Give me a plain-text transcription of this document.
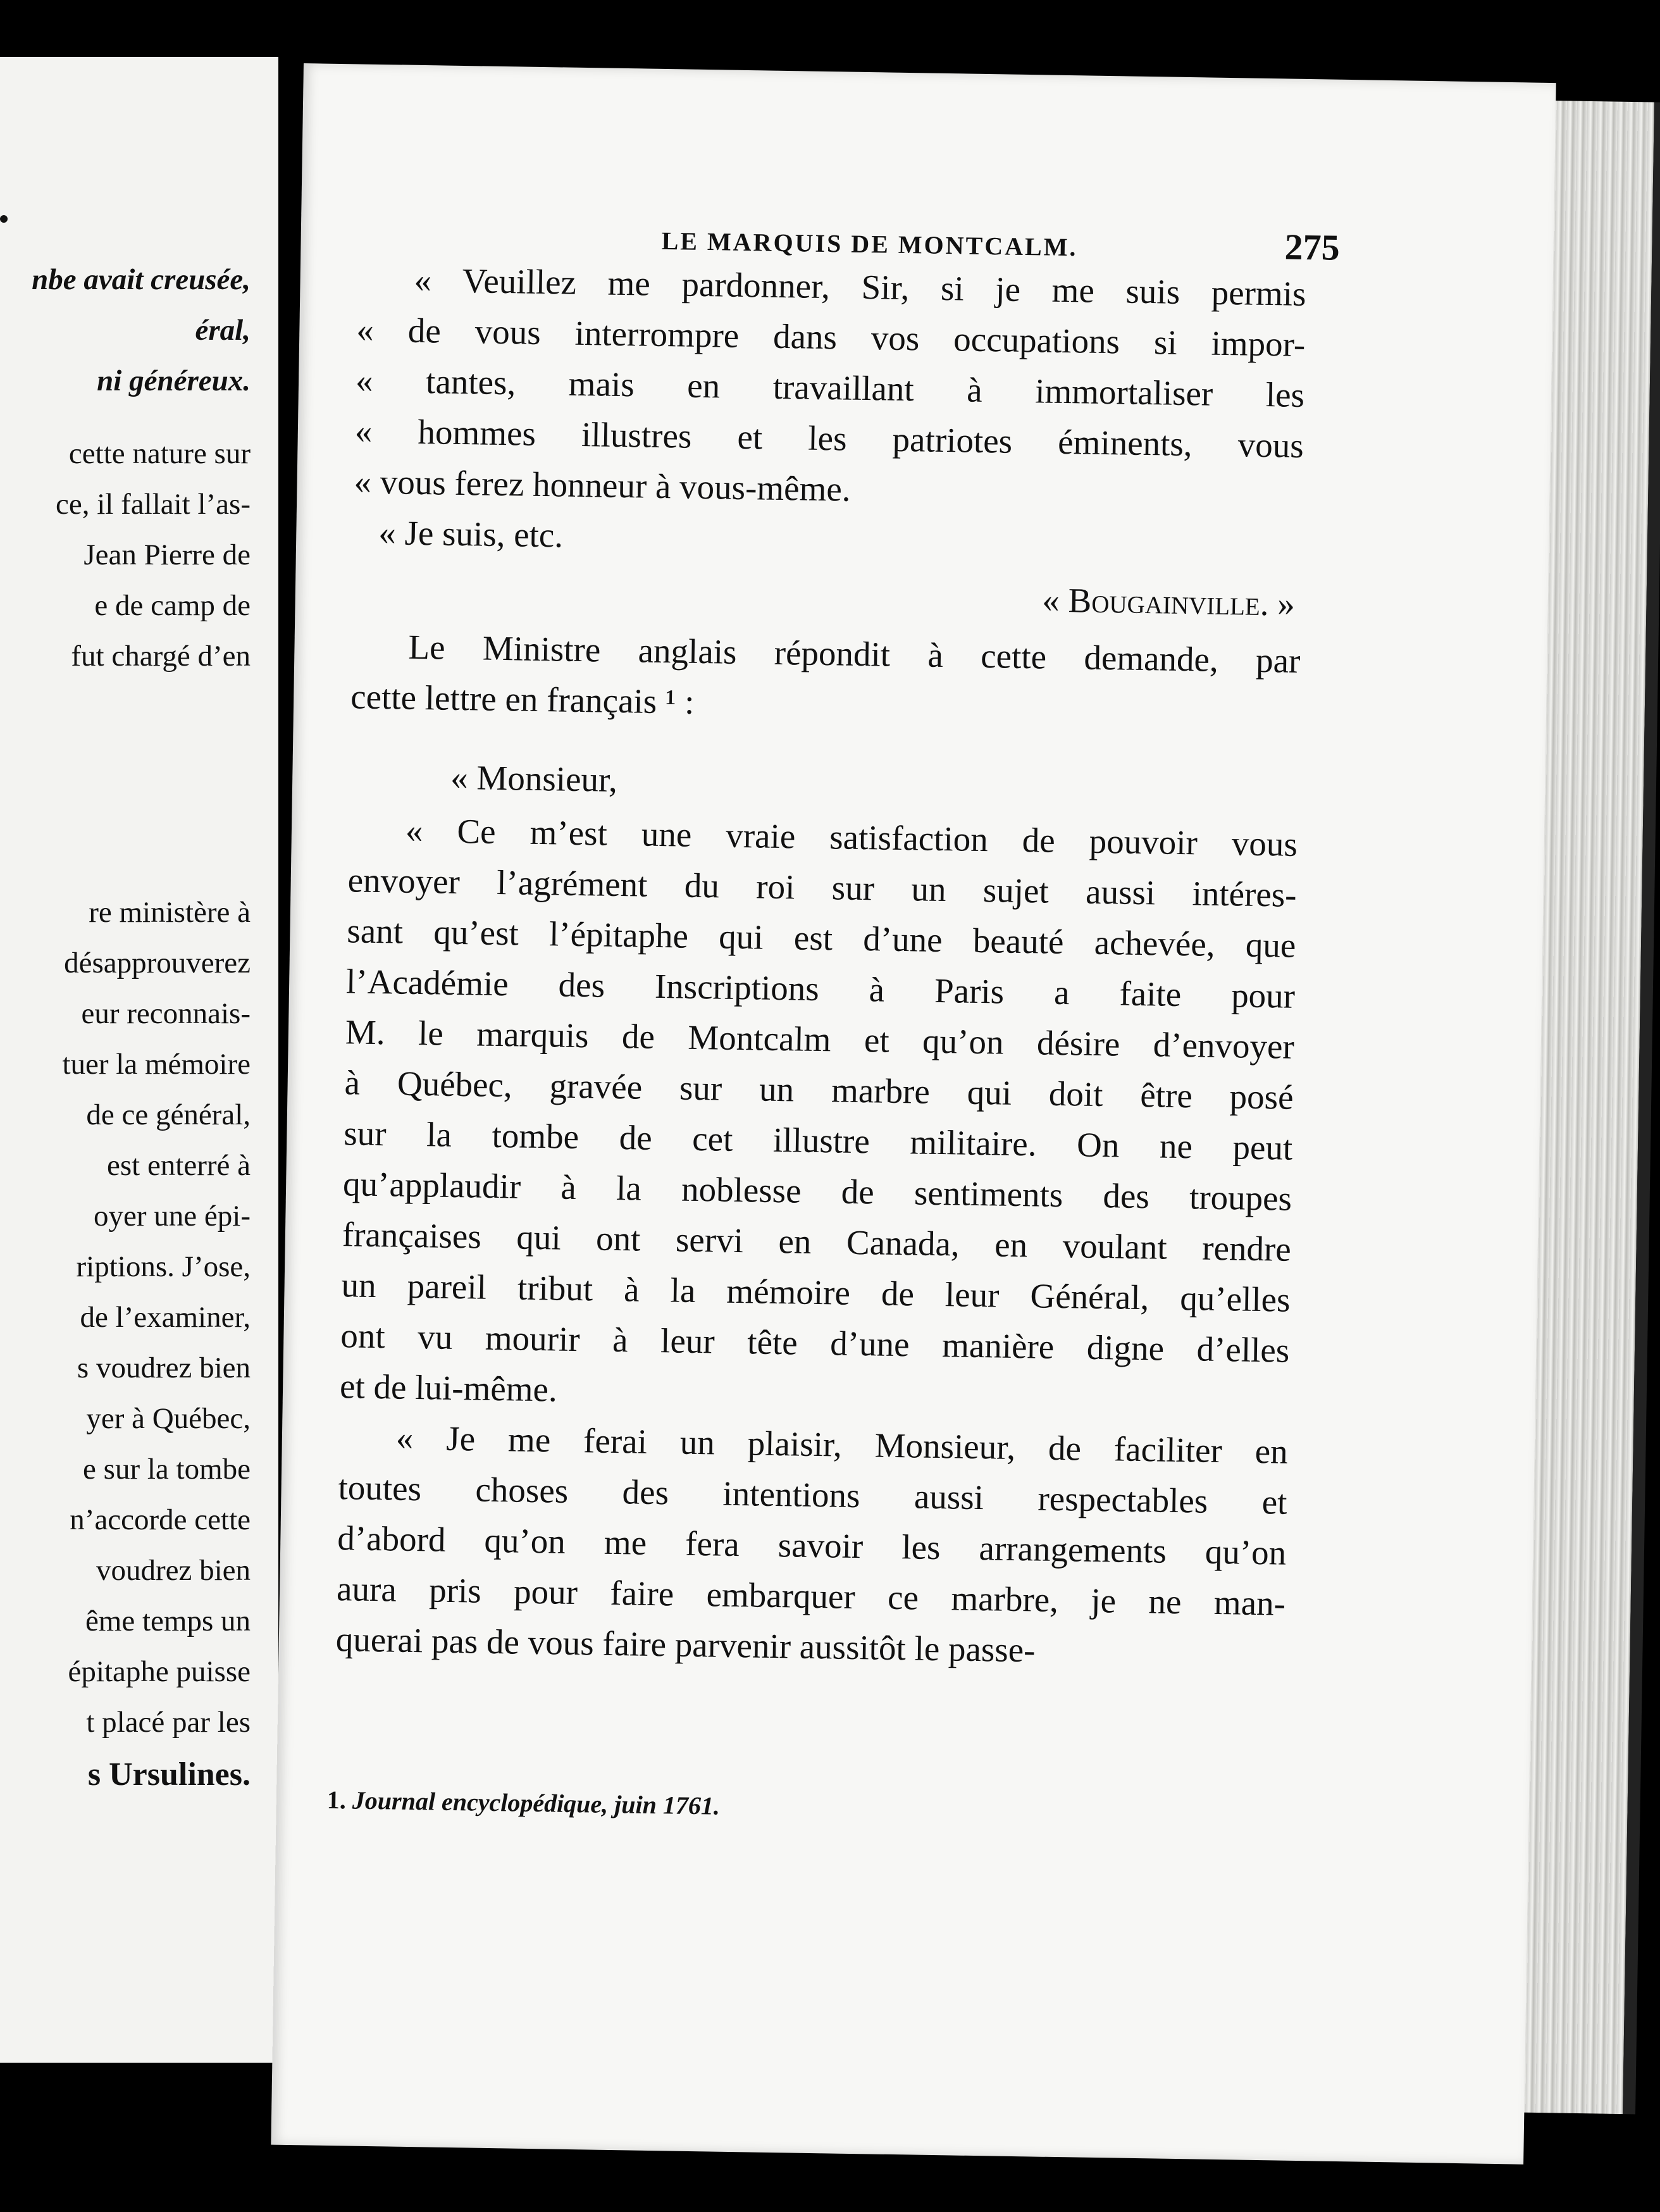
nbe avait creusée,
éral,
ni généreux.
cette nature sur
ce, il fallait l’as-
Jean Pierre de
e de camp de
fut chargé d’en
re ministère à
désapprouverez
eur reconnais-
tuer la mémoire
de ce général,
est enterré à
oyer une épi-
riptions. J’ose,
de l’examiner,
s voudrez bien
yer à Québec,
e sur la tombe
n’accorde cette
voudrez bien
ême temps un
épitaphe puisse
t placé par les
s Ursulines.
LE MARQUIS DE MONTCALM.	275
« Veuillez me pardonner, Sir, si je me suis permis
« de vous interrompre dans vos occupations si impor-
« tantes, mais en travaillant à immortaliser les
« hommes illustres et les patriotes éminents, vous
« vous ferez honneur à vous-même.
« Je suis, etc.
« Bougainville. »
Le Ministre anglais répondit à cette demande, par
cette lettre en français ¹ :
« Monsieur,
« Ce m’est une vraie satisfaction de pouvoir vous
envoyer l’agrément du roi sur un sujet aussi intéres-
sant qu’est l’épitaphe qui est d’une beauté achevée, que
l’Académie des Inscriptions à Paris a faite pour
M. le marquis de Montcalm et qu’on désire d’envoyer
à Québec, gravée sur un marbre qui doit être posé
sur la tombe de cet illustre militaire. On ne peut
qu’applaudir à la noblesse de sentiments des troupes
françaises qui ont servi en Canada, en voulant rendre
un pareil tribut à la mémoire de leur Général, qu’elles
ont vu mourir à leur tête d’une manière digne d’elles
et de lui-même.
« Je me ferai un plaisir, Monsieur, de faciliter en
toutes choses des intentions aussi respectables et
d’abord qu’on me fera savoir les arrangements qu’on
aura pris pour faire embarquer ce marbre, je ne man-
querai pas de vous faire parvenir aussitôt le passe-
1. Journal encyclopédique, juin 1761.
